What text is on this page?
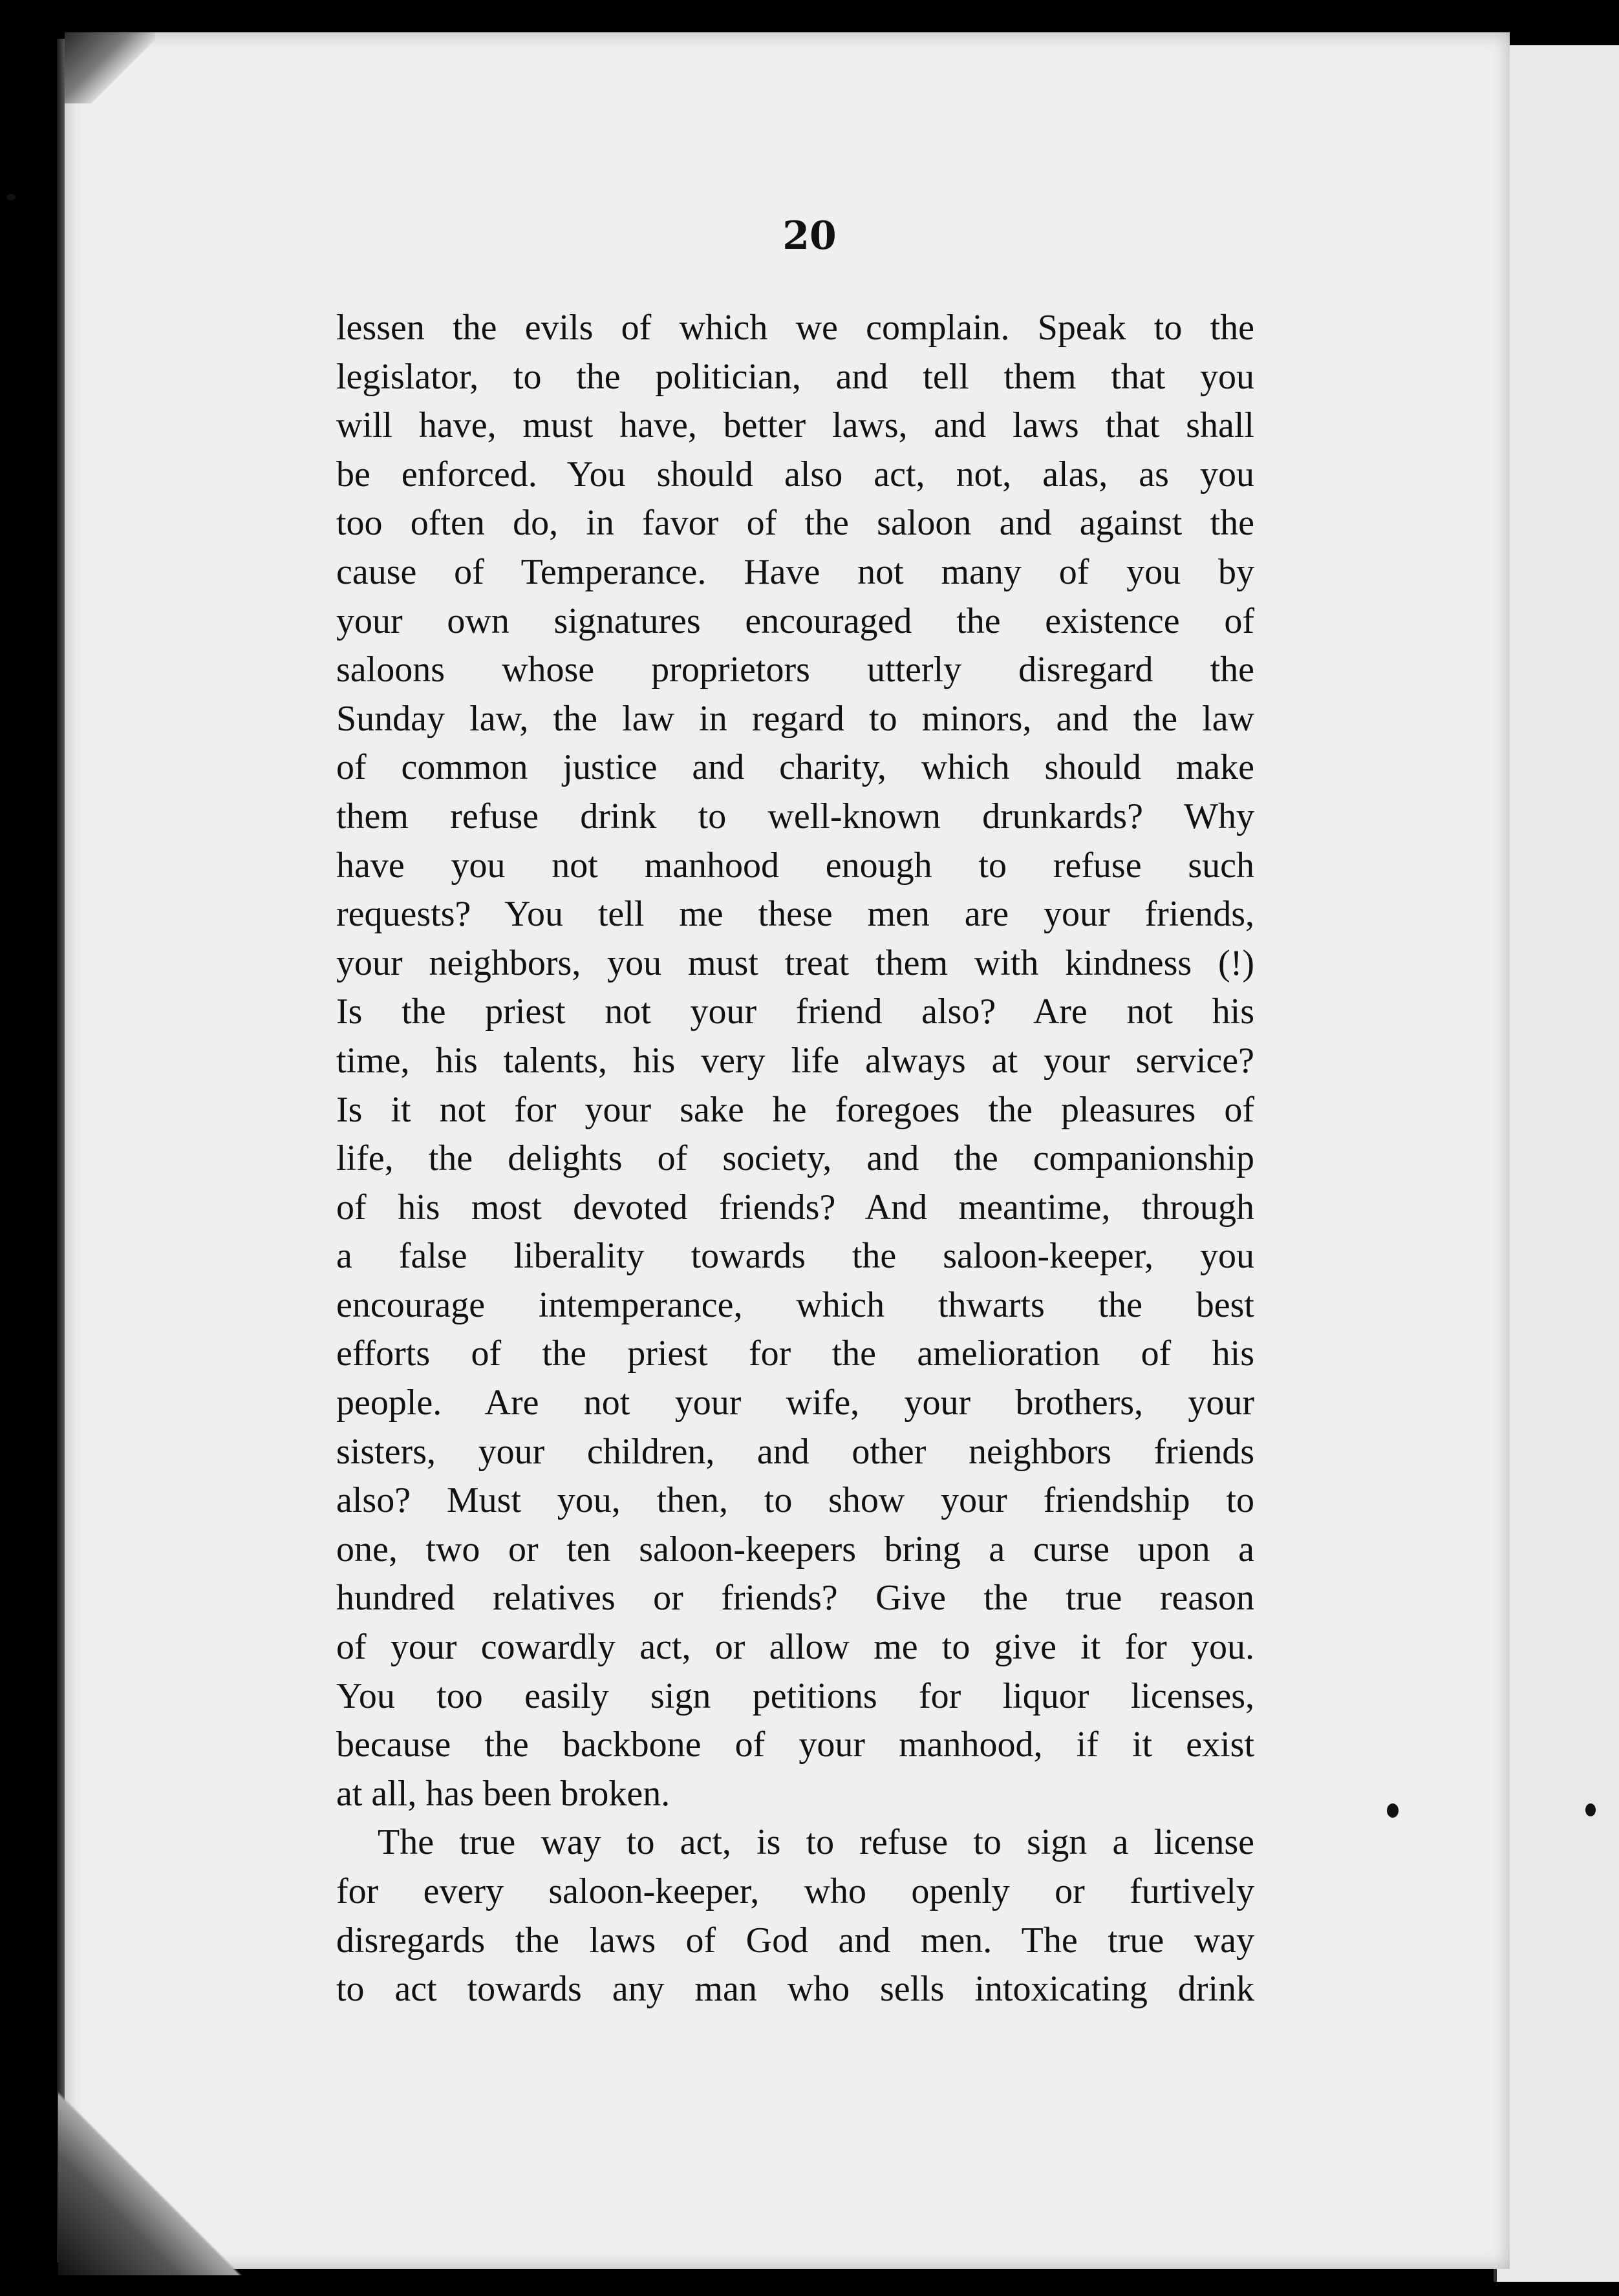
20
lessen the evils of which we complain. Speak to the
legislator, to the politician, and tell them that you
will have, must have, better laws, and laws that shall
be enforced. You should also act, not, alas, as you
too often do, in favor of the saloon and against the
cause of Temperance. Have not many of you by
your own signatures encouraged the existence of
saloons whose proprietors utterly disregard the
Sunday law, the law in regard to minors, and the law
of common justice and charity, which should make
them refuse drink to well-known drunkards? Why
have you not manhood enough to refuse such
requests? You tell me these men are your friends,
your neighbors, you must treat them with kindness (!)
Is the priest not your friend also? Are not his
time, his talents, his very life always at your service?
Is it not for your sake he foregoes the pleasures of
life, the delights of society, and the companionship
of his most devoted friends? And meantime, through
a false liberality towards the saloon-keeper, you
encourage intemperance, which thwarts the best
efforts of the priest for the amelioration of his
people. Are not your wife, your brothers, your
sisters, your children, and other neighbors friends
also? Must you, then, to show your friendship to
one, two or ten saloon-keepers bring a curse upon a
hundred relatives or friends? Give the true reason
of your cowardly act, or allow me to give it for you.
You too easily sign petitions for liquor licenses,
because the backbone of your manhood, if it exist
at all, has been broken.
The true way to act, is to refuse to sign a license
for every saloon-keeper, who openly or furtively
disregards the laws of God and men. The true way
to act towards any man who sells intoxicating drink
